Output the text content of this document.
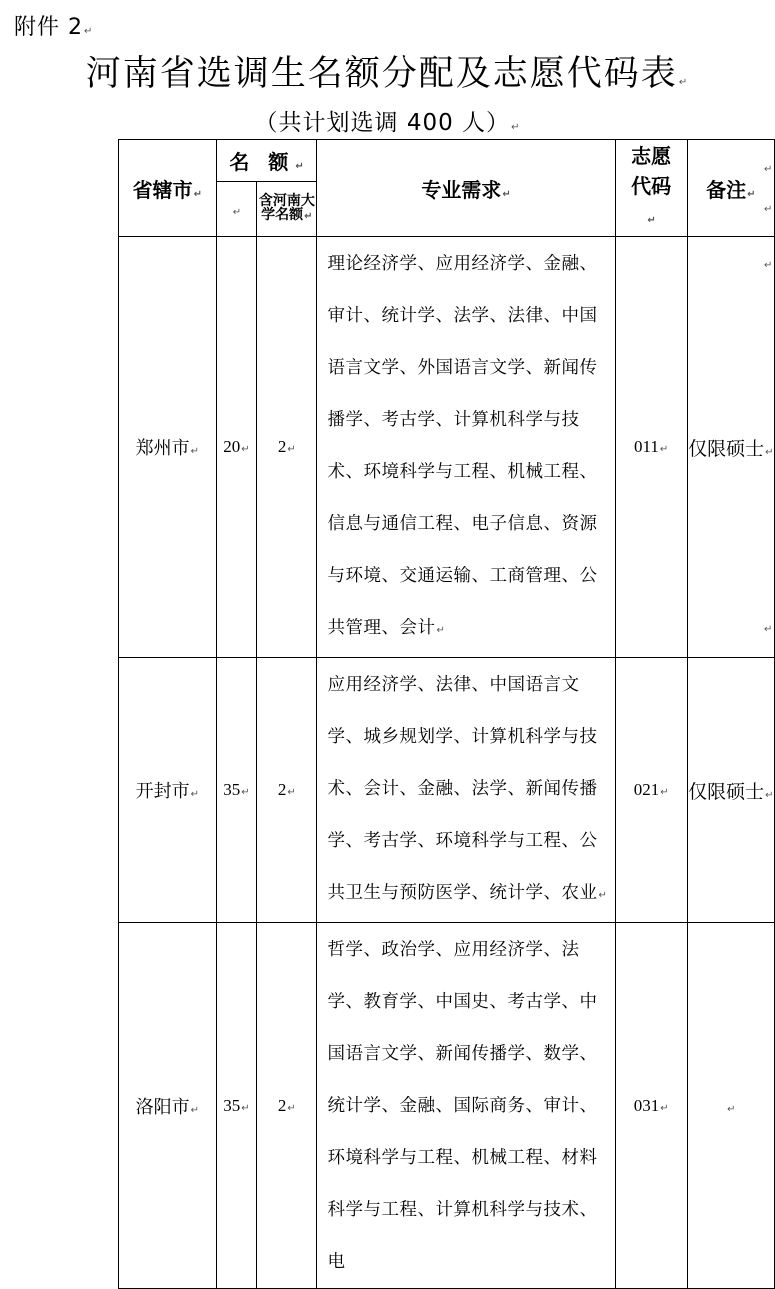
附件 2↵
河南省选调生名额分配及志愿代码表↵
（共计划选调 400 人）↵
省辖市↵	名 额↵		专业需求↵	志愿代码↵	备注↵
	↵	含河南大学名额↵			

郑州市↵	20↵	2↵	理论经济学、应用经济学、金融、审计、统计学、法学、法律、中国语言文学、外国语言文学、新闻传播学、考古学、计算机科学与技术、环境科学与工程、机械工程、信息与通信工程、电子信息、资源与环境、交通运输、工商管理、公共管理、会计↵	011↵	仅限硕士↵
开封市↵	35↵	2↵	应用经济学、法律、中国语言文学、城乡规划学、计算机科学与技术、会计、金融、法学、新闻传播学、考古学、环境科学与工程、公共卫生与预防医学、统计学、农业↵	021↵	仅限硕士↵
洛阳市↵	35↵	2↵	哲学、政治学、应用经济学、法学、教育学、中国史、考古学、中国语言文学、新闻传播学、数学、统计学、金融、国际商务、审计、环境科学与工程、机械工程、材料科学与工程、计算机科学与技术、电	031↵	↵
↵
↵
↵
↵
